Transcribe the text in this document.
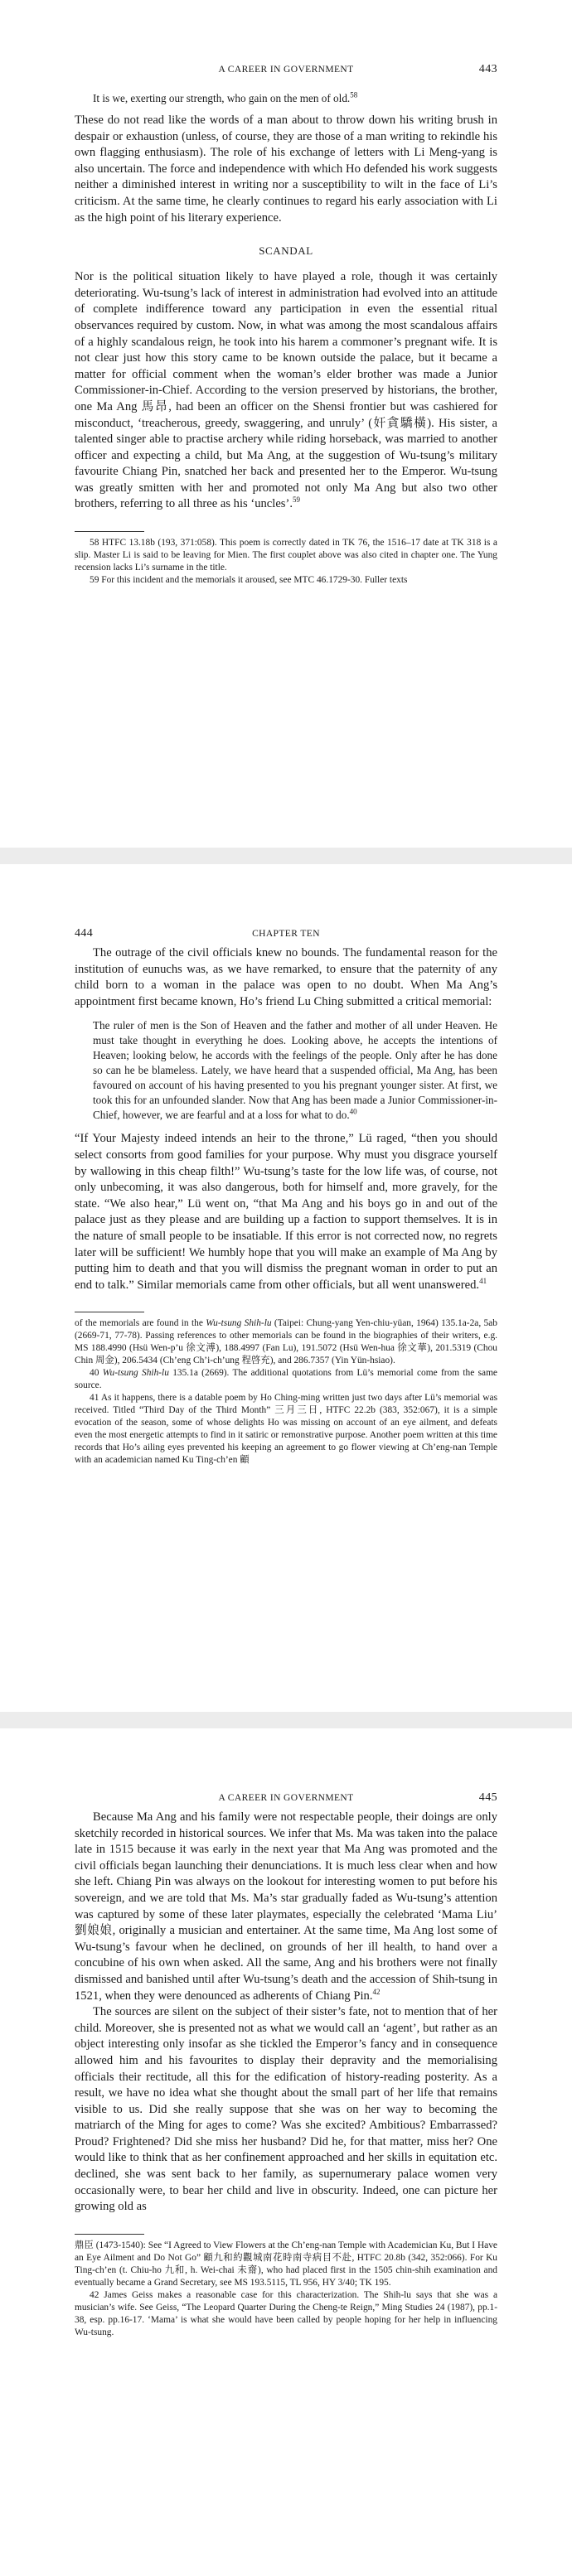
A CAREER IN GOVERNMENT	443

It is we, exerting our strength, who gain on the men of old.$^{58}$

These do not read like the words of a man about to throw down his writing brush in despair or exhaustion (unless, of course, they are those of a man writing to rekindle his own flagging enthusiasm). The role of his exchange of letters with Li Meng-yang is also uncertain. The force and independence with which Ho defended his work suggests neither a diminished interest in writing nor a susceptibility to wilt in the face of Li’s criticism. At the same time, he clearly continues to regard his early association with Li as the high point of his literary experience.

SCANDAL

Nor is the political situation likely to have played a role, though it was certainly deteriorating. Wu-tsung’s lack of interest in administration had evolved into an attitude of complete indifference toward any participation in even the essential ritual observances required by custom. Now, in what was among the most scandalous affairs of a highly scandalous reign, he took into his harem a commoner’s pregnant wife. It is not clear just how this story came to be known outside the palace, but it became a matter for official comment when the woman’s elder brother was made a Junior Commissioner-in-Chief. According to the version preserved by historians, the brother, one Ma Ang 馬昂, had been an officer on the Shensi frontier but was cashiered for misconduct, ‘treacherous, greedy, swaggering, and unruly’ (奸貪驕橫). His sister, a talented singer able to practise archery while riding horseback, was married to another officer and expecting a child, but Ma Ang, at the suggestion of Wu-tsung’s military favourite Chiang Pin, snatched her back and presented her to the Emperor. Wu-tsung was greatly smitten with her and promoted not only Ma Ang but also two other brothers, referring to all three as his ‘uncles’.$^{59}$

58 HTFC 13.18b (193, 371:058). This poem is correctly dated in TK 76, the 1516–17 date at TK 318 is a slip. Master Li is said to be leaving for Mien. The first couplet above was also cited in chapter one. The Yung recension lacks Li’s surname in the title.

59 For this incident and the memorials it aroused, see MTC 46.1729-30. Fuller texts

444	CHAPTER TEN

The outrage of the civil officials knew no bounds. The fundamental reason for the institution of eunuchs was, as we have remarked, to ensure that the paternity of any child born to a woman in the palace was open to no doubt. When Ma Ang’s appointment first became known, Ho’s friend Lu Ching submitted a critical memorial:

The ruler of men is the Son of Heaven and the father and mother of all under Heaven. He must take thought in everything he does. Looking above, he accepts the intentions of Heaven; looking below, he accords with the feelings of the people. Only after he has done so can he be blameless. Lately, we have heard that a suspended official, Ma Ang, has been favoured on account of his having presented to you his pregnant younger sister. At first, we took this for an unfounded slander. Now that Ang has been made a Junior Commissioner-in-Chief, however, we are fearful and at a loss for what to do.$^{40}$

“If Your Majesty indeed intends an heir to the throne,” Lü raged, “then you should select consorts from good families for your purpose. Why must you disgrace yourself by wallowing in this cheap filth!” Wu-tsung’s taste for the low life was, of course, not only unbecoming, it was also dangerous, both for himself and, more gravely, for the state. “We also hear,” Lü went on, “that Ma Ang and his boys go in and out of the palace just as they please and are building up a faction to support themselves. It is in the nature of small people to be insatiable. If this error is not corrected now, no regrets later will be sufficient! We humbly hope that you will make an example of Ma Ang by putting him to death and that you will dismiss the pregnant woman in order to put an end to talk.” Similar memorials came from other officials, but all went unanswered.$^{41}$

of the memorials are found in the Wu-tsung Shih-lu (Taipei: Chung-yang Yen-chiu-yüan, 1964) 135.1a-2a, 5ab (2669-71, 77-78). Passing references to other memorials can be found in the biographies of their writers, e.g. MS 188.4990 (Hsü Wen-p’u 徐文溥), 188.4997 (Fan Lu), 191.5072 (Hsü Wen-hua 徐文華), 201.5319 (Chou Chin 周金), 206.5434 (Ch’eng Ch’i-ch’ung 程啓充), and 286.7357 (Yin Yün-hsiao).

40 Wu-tsung Shih-lu 135.1a (2669). The additional quotations from Lü’s memorial come from the same source.

41 As it happens, there is a datable poem by Ho Ching-ming written just two days after Lü’s memorial was received. Titled “Third Day of the Third Month” 三月三日, HTFC 22.2b (383, 352:067), it is a simple evocation of the season, some of whose delights Ho was missing on account of an eye ailment, and defeats even the most energetic attempts to find in it satiric or remonstrative purpose. Another poem written at this time records that Ho’s ailing eyes prevented his keeping an agreement to go flower viewing at Ch’eng-nan Temple with an academician named Ku Ting-ch’en 顧

A CAREER IN GOVERNMENT	445

Because Ma Ang and his family were not respectable people, their doings are only sketchily recorded in historical sources. We infer that Ms. Ma was taken into the palace late in 1515 because it was early in the next year that Ma Ang was promoted and the civil officials began launching their denunciations. It is much less clear when and how she left. Chiang Pin was always on the lookout for interesting women to put before his sovereign, and we are told that Ms. Ma’s star gradually faded as Wu-tsung’s attention was captured by some of these later playmates, especially the celebrated ‘Mama Liu’ 劉娘娘, originally a musician and entertainer. At the same time, Ma Ang lost some of Wu-tsung’s favour when he declined, on grounds of her ill health, to hand over a concubine of his own when asked. All the same, Ang and his brothers were not finally dismissed and banished until after Wu-tsung’s death and the accession of Shih-tsung in 1521, when they were denounced as adherents of Chiang Pin.$^{42}$

The sources are silent on the subject of their sister’s fate, not to mention that of her child. Moreover, she is presented not as what we would call an ‘agent’, but rather as an object interesting only insofar as she tickled the Emperor’s fancy and in consequence allowed him and his favourites to display their depravity and the memorialising officials their rectitude, all this for the edification of history-reading posterity. As a result, we have no idea what she thought about the small part of her life that remains visible to us. Did she really suppose that she was on her way to becoming the matriarch of the Ming for ages to come? Was she excited? Ambitious? Embarrassed? Proud? Frightened? Did she miss her husband? Did he, for that matter, miss her? One would like to think that as her confinement approached and her skills in equitation etc. declined, she was sent back to her family, as supernumerary palace women very occasionally were, to bear her child and live in obscurity. Indeed, one can picture her growing old as

鼎臣 (1473-1540): See “I Agreed to View Flowers at the Ch’eng-nan Temple with Academician Ku, But I Have an Eye Ailment and Do Not Go” 顧九和約觀城南花時南寺病目不赴, HTFC 20.8b (342, 352:066). For Ku Ting-ch’en (t. Chiu-ho 九和, h. Wei-chai 未齋), who had placed first in the 1505 chin-shih examination and eventually became a Grand Secretary, see MS 193.5115, TL 956, HY 3/40; TK 195.

42 James Geiss makes a reasonable case for this characterization. The Shih-lu says that she was a musician’s wife. See Geiss, “The Leopard Quarter During the Cheng-te Reign,” Ming Studies 24 (1987), pp.1-38, esp. pp.16-17. ‘Mama’ is what she would have been called by people hoping for her help in influencing Wu-tsung.
